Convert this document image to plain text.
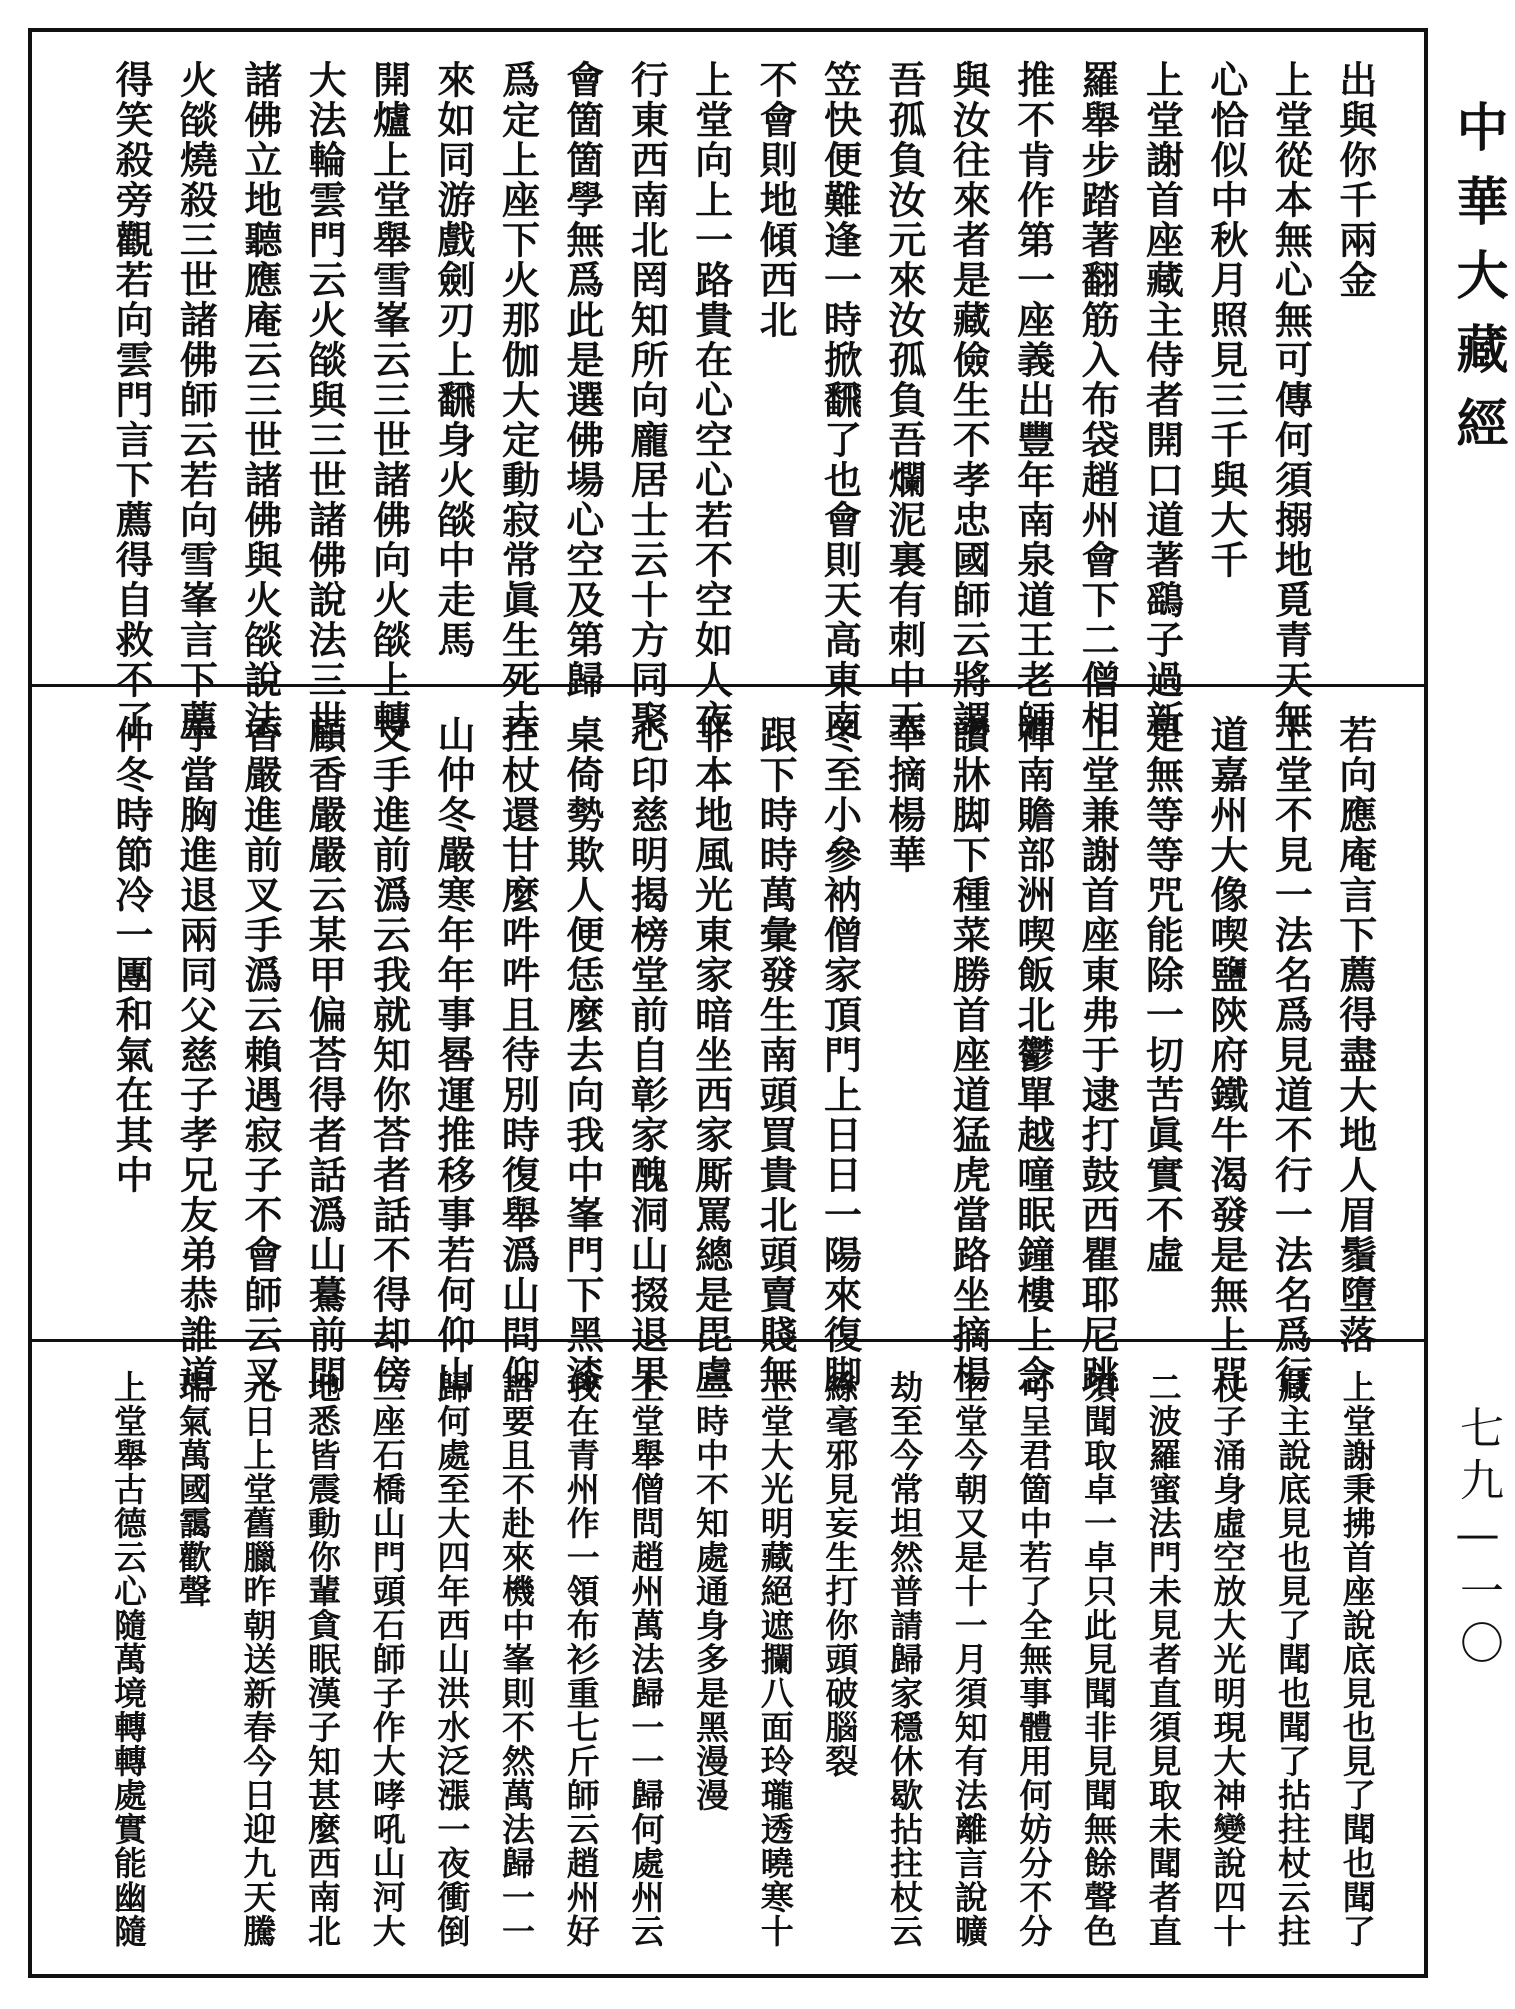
出與你千兩金
上堂從本無心無可傳何須搦地覓青天無
心恰似中秋月照見三千與大千
上堂謝首座藏主侍者開口道著鷂子過新
羅舉步踏著翻筋入布袋趙州會下二僧相
推不肯作第一座義出豐年南泉道王老師
與汝往來者是藏儉生不孝忠國師云將謂
吾孤負汝元來汝孤負吾爛泥裏有刺中天
笠快便難逢一時掀飜了也會則天高東南
不會則地傾西北
上堂向上一路貴在心空心若不空如人夜
行東西南北罔知所向龐居士云十方同聚
會箇箇學無爲此是選佛場心空及第歸
爲定上座下火那伽大定動寂常眞生死去
來如同游戲劍刃上飜身火燄中走馬
開爐上堂舉雪峯云三世諸佛向火燄上轉
大法輪雲門云火燄與三世諸佛說法三世
諸佛立地聽應庵云三世諸佛與火燄說法
火燄燒殺三世諸佛師云若向雪峯言下薦
得笑殺旁觀若向雲門言下薦得自救不了
若向應庵言下薦得盡大地人眉鬚墮落
上堂不見一法名爲見道不行一法名爲行
道嘉州大像喫鹽陝府鐵牛渴發是無上咒
是無等等咒能除一切苦眞實不虛
上堂兼謝首座東弗于逮打鼓西瞿耶尼跳
禪南贍部洲喫飯北鬱單越噇眠鐘樓上念
讚牀脚下種菜勝首座道猛虎當路坐摘楊
華摘楊華
冬至小參衲僧家頂門上日日一陽來復脚
跟下時時萬彙發生南頭買貴北頭賣賤無
非本地風光東家暗坐西家厮罵總是毘盧
心印慈明揭榜堂前自彰家醜洞山掇退果
桌倚勢欺人便恁麼去向我中峯門下黑漆
拄杖還甘麼吽吽且待別時復舉潙山問仰
山仲冬嚴寒年年事晷運推移事若何仰山
叉手進前潙云我就知你荅者話不得却傍
顧香嚴嚴云某甲偏荅得者話潙山驀前問
香嚴進前叉手潙云賴遇寂子不會師云叉
手當胸進退兩同父慈子孝兄友弟恭誰道
仲冬時節冷一團和氣在其中
上堂謝秉拂首座說底見也見了聞也聞了
藏主說底見也見了聞也聞了拈拄杖云拄
杖子涌身虛空放大光明現大神變說四十
二波羅蜜法門未見者直須見取未聞者直
須聞取卓一卓只此見聞非見聞無餘聲色
可呈君箇中若了全無事體用何妨分不分
上堂今朝又是十一月須知有法離言說曠
劫至今常坦然普請歸家穩休歇拈拄杖云
絲毫邪見妄生打你頭破腦裂
上堂大光明藏絕遮攔八面玲瓏透曉寒十
二時中不知處通身多是黑漫漫
上堂舉僧問趙州萬法歸一一歸何處州云
我在青州作一領布衫重七斤師云趙州好
語要且不赴來機中峯則不然萬法歸一一
歸何處至大四年西山洪水泛漲一夜衝倒
三座石橋山門頭石師子作大哮吼山河大
地悉皆震動你輩貪眠漢子知甚麼西南北
元日上堂舊臘昨朝送新春今日迎九天騰
瑞氣萬國靄歡聲
上堂舉古德云心隨萬境轉轉處實能幽隨
中華大藏經
七九—一〇
